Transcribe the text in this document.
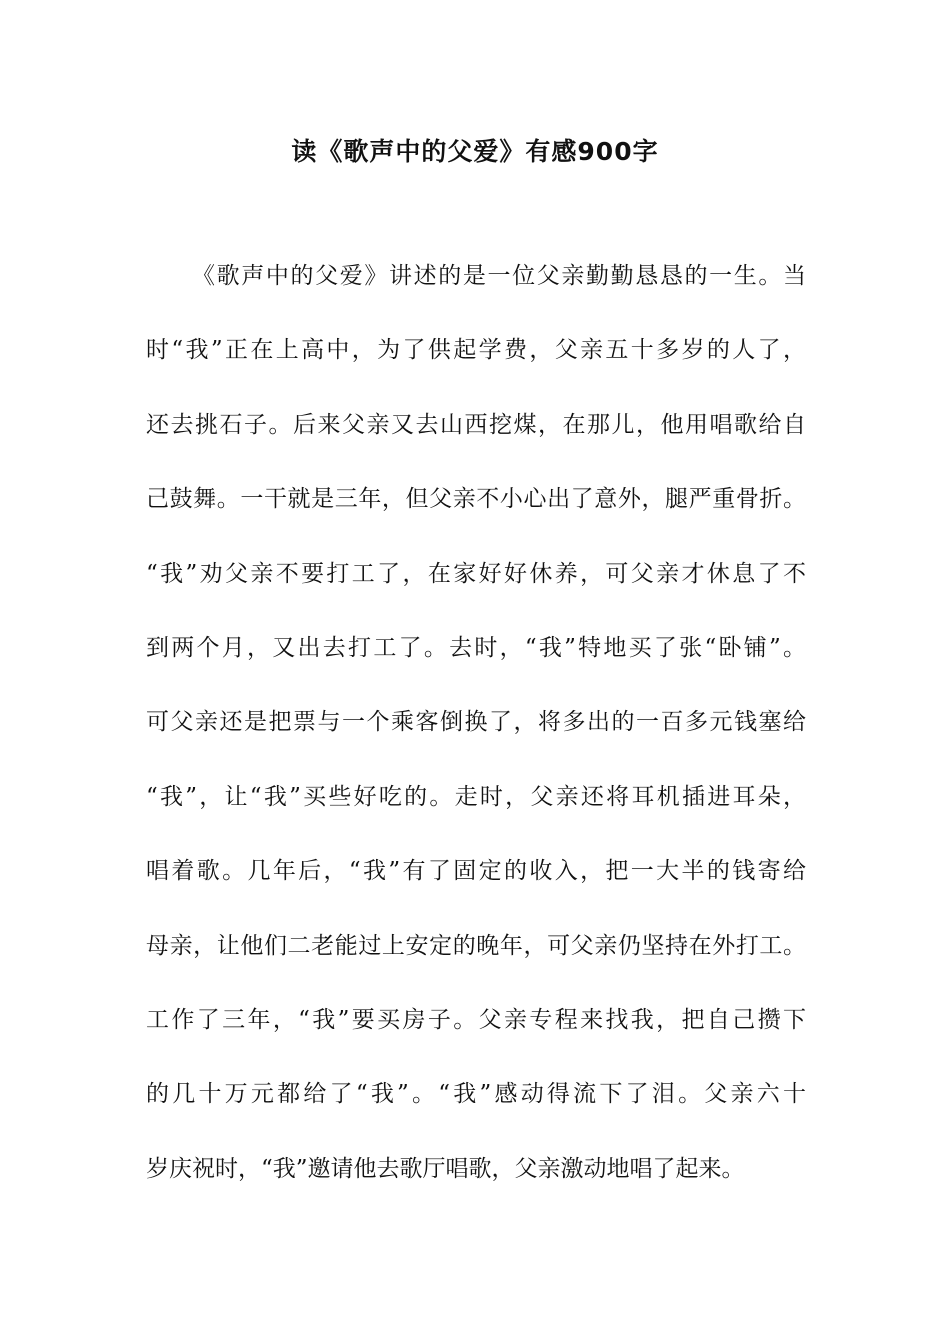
读《歌声中的父爱》有感900字
《歌声中的父爱》讲述的是一位父亲勤勤恳恳的一生。当
时“我”正在上高中，为了供起学费，父亲五十多岁的人了，
还去挑石子。后来父亲又去山西挖煤，在那儿，他用唱歌给自
己鼓舞。一干就是三年，但父亲不小心出了意外，腿严重骨折。
“我”劝父亲不要打工了，在家好好休养，可父亲才休息了不
到两个月，又出去打工了。去时，“我”特地买了张“卧铺”。
可父亲还是把票与一个乘客倒换了，将多出的一百多元钱塞给
“我”，让“我”买些好吃的。走时，父亲还将耳机插进耳朵，
唱着歌。几年后，“我”有了固定的收入，把一大半的钱寄给
母亲，让他们二老能过上安定的晚年，可父亲仍坚持在外打工。
工作了三年，“我”要买房子。父亲专程来找我，把自己攒下
的几十万元都给了“我”。“我”感动得流下了泪。父亲六十
岁庆祝时，“我”邀请他去歌厅唱歌，父亲激动地唱了起来。
